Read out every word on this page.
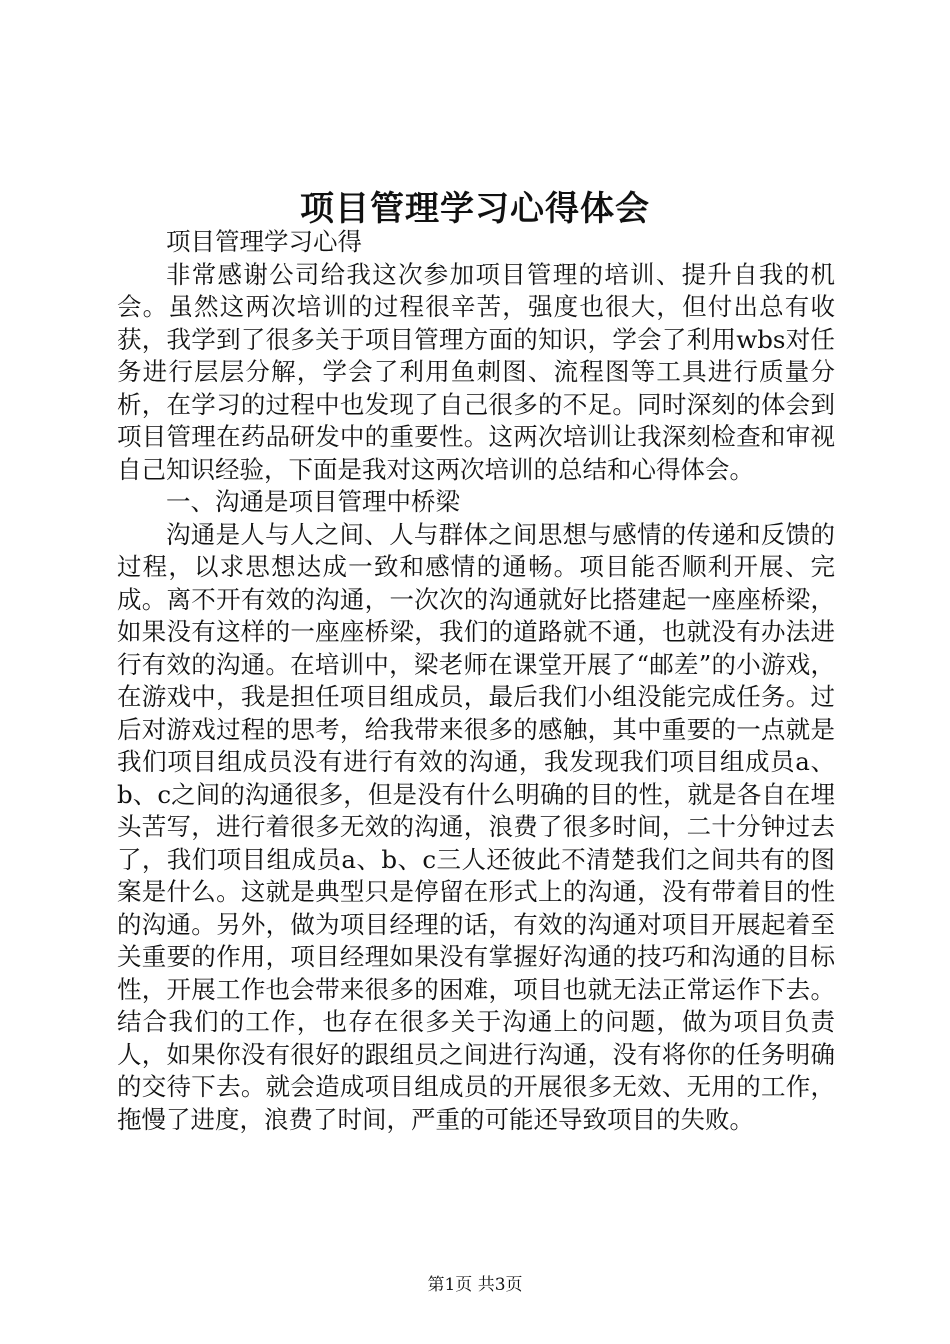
项目管理学习心得体会

项目管理学习心得

非常感谢公司给我这次参加项目管理的培训、提升自我的机会。虽然这两次培训的过程很辛苦，强度也很大，但付出总有收获，我学到了很多关于项目管理方面的知识，学会了利用wbs对任务进行层层分解，学会了利用鱼刺图、流程图等工具进行质量分析，在学习的过程中也发现了自己很多的不足。同时深刻的体会到项目管理在药品研发中的重要性。这两次培训让我深刻检查和审视自己知识经验，下面是我对这两次培训的总结和心得体会。

一、沟通是项目管理中桥梁

沟通是人与人之间、人与群体之间思想与感情的传递和反馈的过程，以求思想达成一致和感情的通畅。项目能否顺利开展、完成。离不开有效的沟通，一次次的沟通就好比搭建起一座座桥梁，如果没有这样的一座座桥梁，我们的道路就不通，也就没有办法进行有效的沟通。在培训中，梁老师在课堂开展了“邮差”的小游戏，在游戏中，我是担任项目组成员，最后我们小组没能完成任务。过后对游戏过程的思考，给我带来很多的感触，其中重要的一点就是我们项目组成员没有进行有效的沟通，我发现我们项目组成员a、b、c之间的沟通很多，但是没有什么明确的目的性，就是各自在埋头苦写，进行着很多无效的沟通，浪费了很多时间，二十分钟过去了，我们项目组成员a、b、c三人还彼此不清楚我们之间共有的图案是什么。这就是典型只是停留在形式上的沟通，没有带着目的性的沟通。另外，做为项目经理的话，有效的沟通对项目开展起着至关重要的作用，项目经理如果没有掌握好沟通的技巧和沟通的目标性，开展工作也会带来很多的困难，项目也就无法正常运作下去。结合我们的工作，也存在很多关于沟通上的问题，做为项目负责人，如果你没有很好的跟组员之间进行沟通，没有将你的任务明确的交待下去。就会造成项目组成员的开展很多无效、无用的工作，拖慢了进度，浪费了时间，严重的可能还导致项目的失败。

第1页 共3页
